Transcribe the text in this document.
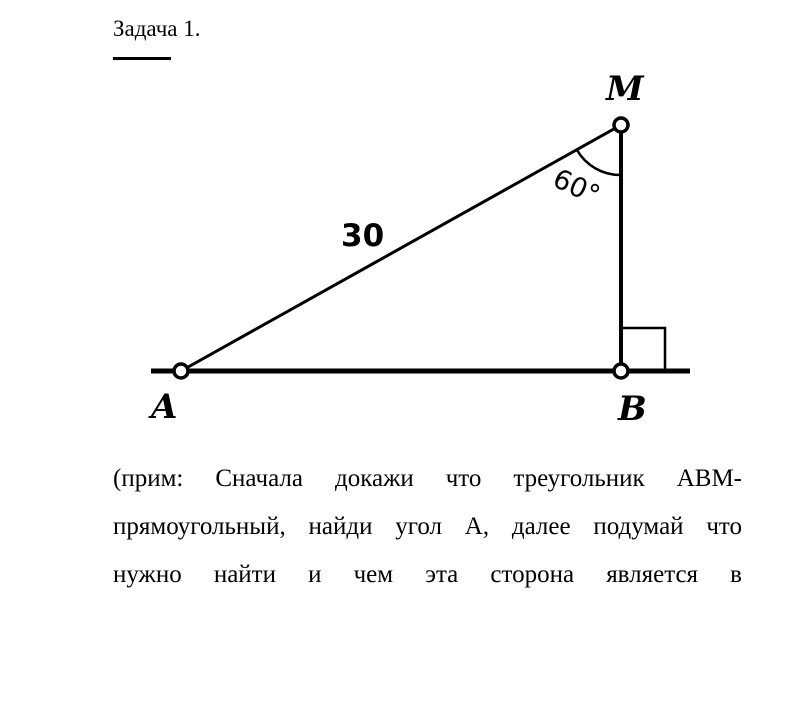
Задача 1.
M
A	B
30
60°
(прим: Сначала докажи что треугольник АВМ-
прямоугольный, найди угол А, далее подумай что
нужно найти и чем эта сторона является в
